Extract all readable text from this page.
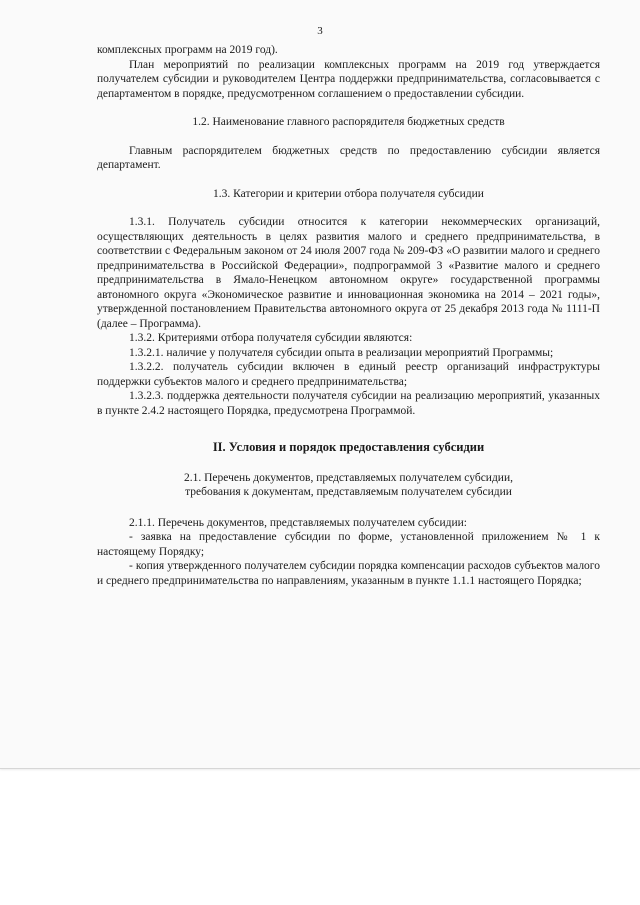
3

комплексных программ на 2019 год).

План мероприятий по реализации комплексных программ на 2019 год утверждается получателем субсидии и руководителем Центра поддержки предпринимательства, согласовывается с департаментом в порядке, предусмотренном соглашением о предоставлении субсидии.

1.2. Наименование главного распорядителя бюджетных средств

Главным распорядителем бюджетных средств по предоставлению субсидии является департамент.

1.3. Категории и критерии отбора получателя субсидии

1.3.1. Получатель субсидии относится к категории некоммерческих организаций, осуществляющих деятельность в целях развития малого и среднего предпринимательства, в соответствии с Федеральным законом от 24 июля 2007 года № 209-ФЗ «О развитии малого и среднего предпринимательства в Российской Федерации», подпрограммой 3 «Развитие малого и среднего предпринимательства в Ямало-Ненецком автономном округе» государственной программы автономного округа «Экономическое развитие и инновационная экономика на 2014 – 2021 годы», утвержденной постановлением Правительства автономного округа от 25 декабря 2013 года № 1111-П (далее – Программа).

1.3.2. Критериями отбора получателя субсидии являются:

1.3.2.1. наличие у получателя субсидии опыта в реализации мероприятий Программы;

1.3.2.2. получатель субсидии включен в единый реестр организаций инфраструктуры поддержки субъектов малого и среднего предпринимательства;

1.3.2.3. поддержка деятельности получателя субсидии на реализацию мероприятий, указанных в пункте 2.4.2 настоящего Порядка, предусмотрена Программой.

II. Условия и порядок предоставления субсидии

2.1. Перечень документов, представляемых получателем субсидии,
требования к документам, представляемым получателем субсидии

2.1.1. Перечень документов, представляемых получателем субсидии:

- заявка на предоставление субсидии по форме, установленной приложением № 1 к настоящему Порядку;

- копия утвержденного получателем субсидии порядка компенсации расходов субъектов малого и среднего предпринимательства по направлениям, указанным в пункте 1.1.1 настоящего Порядка;
